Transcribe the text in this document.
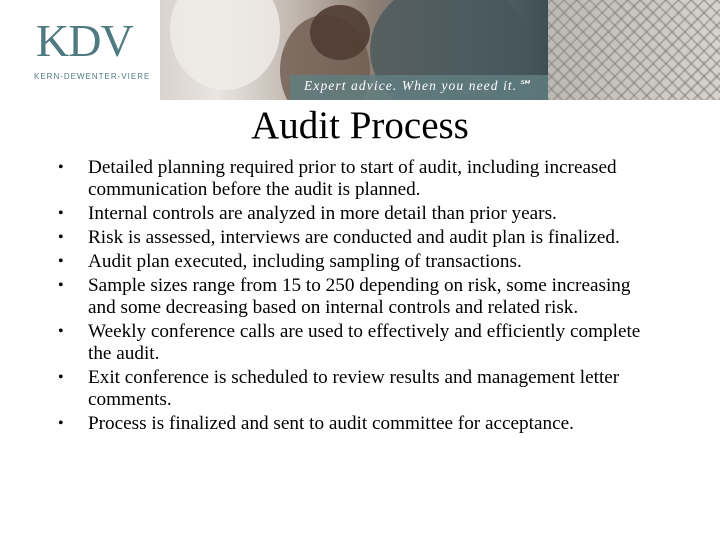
KDV
KERN-DEWENTER-VIERE
Expert advice. When you need it.℠
Audit Process
• Detailed planning required prior to start of audit, including increased communication before the audit is planned.
• Internal controls are analyzed in more detail than prior years.
• Risk is assessed, interviews are conducted and audit plan is finalized.
• Audit plan executed, including sampling of transactions.
• Sample sizes range from 15 to 250 depending on risk, some increasing and some decreasing based on internal controls and related risk.
• Weekly conference calls are used to effectively and efficiently complete the audit.
• Exit conference is scheduled to review results and management letter comments.
• Process is finalized and sent to audit committee for acceptance.
